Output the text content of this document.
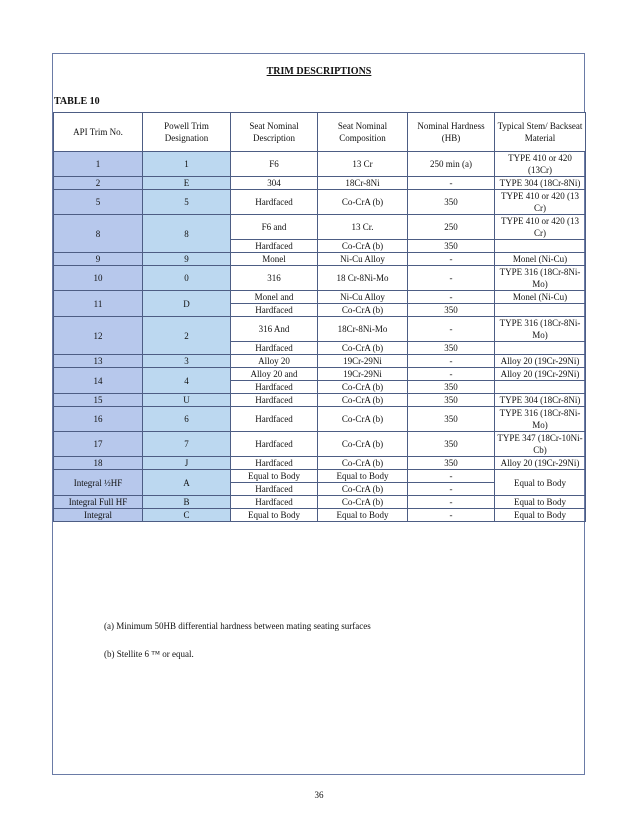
TRIM DESCRIPTIONS
TABLE 10
API Trim No.	Powell Trim Designation	Seat Nominal Description	Seat Nominal Composition	Nominal Hardness (HB)	Typical Stem/ Backseat Material
1	1	F6	13 Cr	250 min (a)	TYPE 410 or 420 (13Cr)
2	E	304	18Cr-8Ni	-	TYPE 304 (18Cr-8Ni)
5	5	Hardfaced	Co-CrA (b)	350	TYPE 410 or 420 (13 Cr)
8	8	F6 and	13 Cr.	250	TYPE 410 or 420 (13 Cr)
		Hardfaced	Co-CrA (b)	350	
9	9	Monel	Ni-Cu Alloy	-	Monel (Ni-Cu)
10	0	316	18 Cr-8Ni-Mo	-	TYPE 316 (18Cr-8Ni-Mo)
11	D	Monel and	Ni-Cu Alloy	-	Monel (Ni-Cu)
		Hardfaced	Co-CrA (b)	350	
12	2	316 And	18Cr-8Ni-Mo	-	TYPE 316 (18Cr-8Ni-Mo)
		Hardfaced	Co-CrA (b)	350	
13	3	Alloy 20	19Cr-29Ni	-	Alloy 20 (19Cr-29Ni)
14	4	Alloy 20 and	19Cr-29Ni	-	Alloy 20 (19Cr-29Ni)
		Hardfaced	Co-CrA (b)	350	
15	U	Hardfaced	Co-CrA (b)	350	TYPE 304 (18Cr-8Ni)
16	6	Hardfaced	Co-CrA (b)	350	TYPE 316 (18Cr-8Ni-Mo)
17	7	Hardfaced	Co-CrA (b)	350	TYPE 347 (18Cr-10Ni-Cb)
18	J	Hardfaced	Co-CrA (b)	350	Alloy 20 (19Cr-29Ni)
Integral ½HF	A	Equal to Body	Equal to Body	-	Equal to Body
		Hardfaced	Co-CrA (b)	-	
Integral Full HF	B	Hardfaced	Co-CrA (b)	-	Equal to Body
Integral	C	Equal to Body	Equal to Body	-	Equal to Body
(a) Minimum 50HB differential hardness between mating seating surfaces
(b) Stellite 6 ™ or equal.
36
